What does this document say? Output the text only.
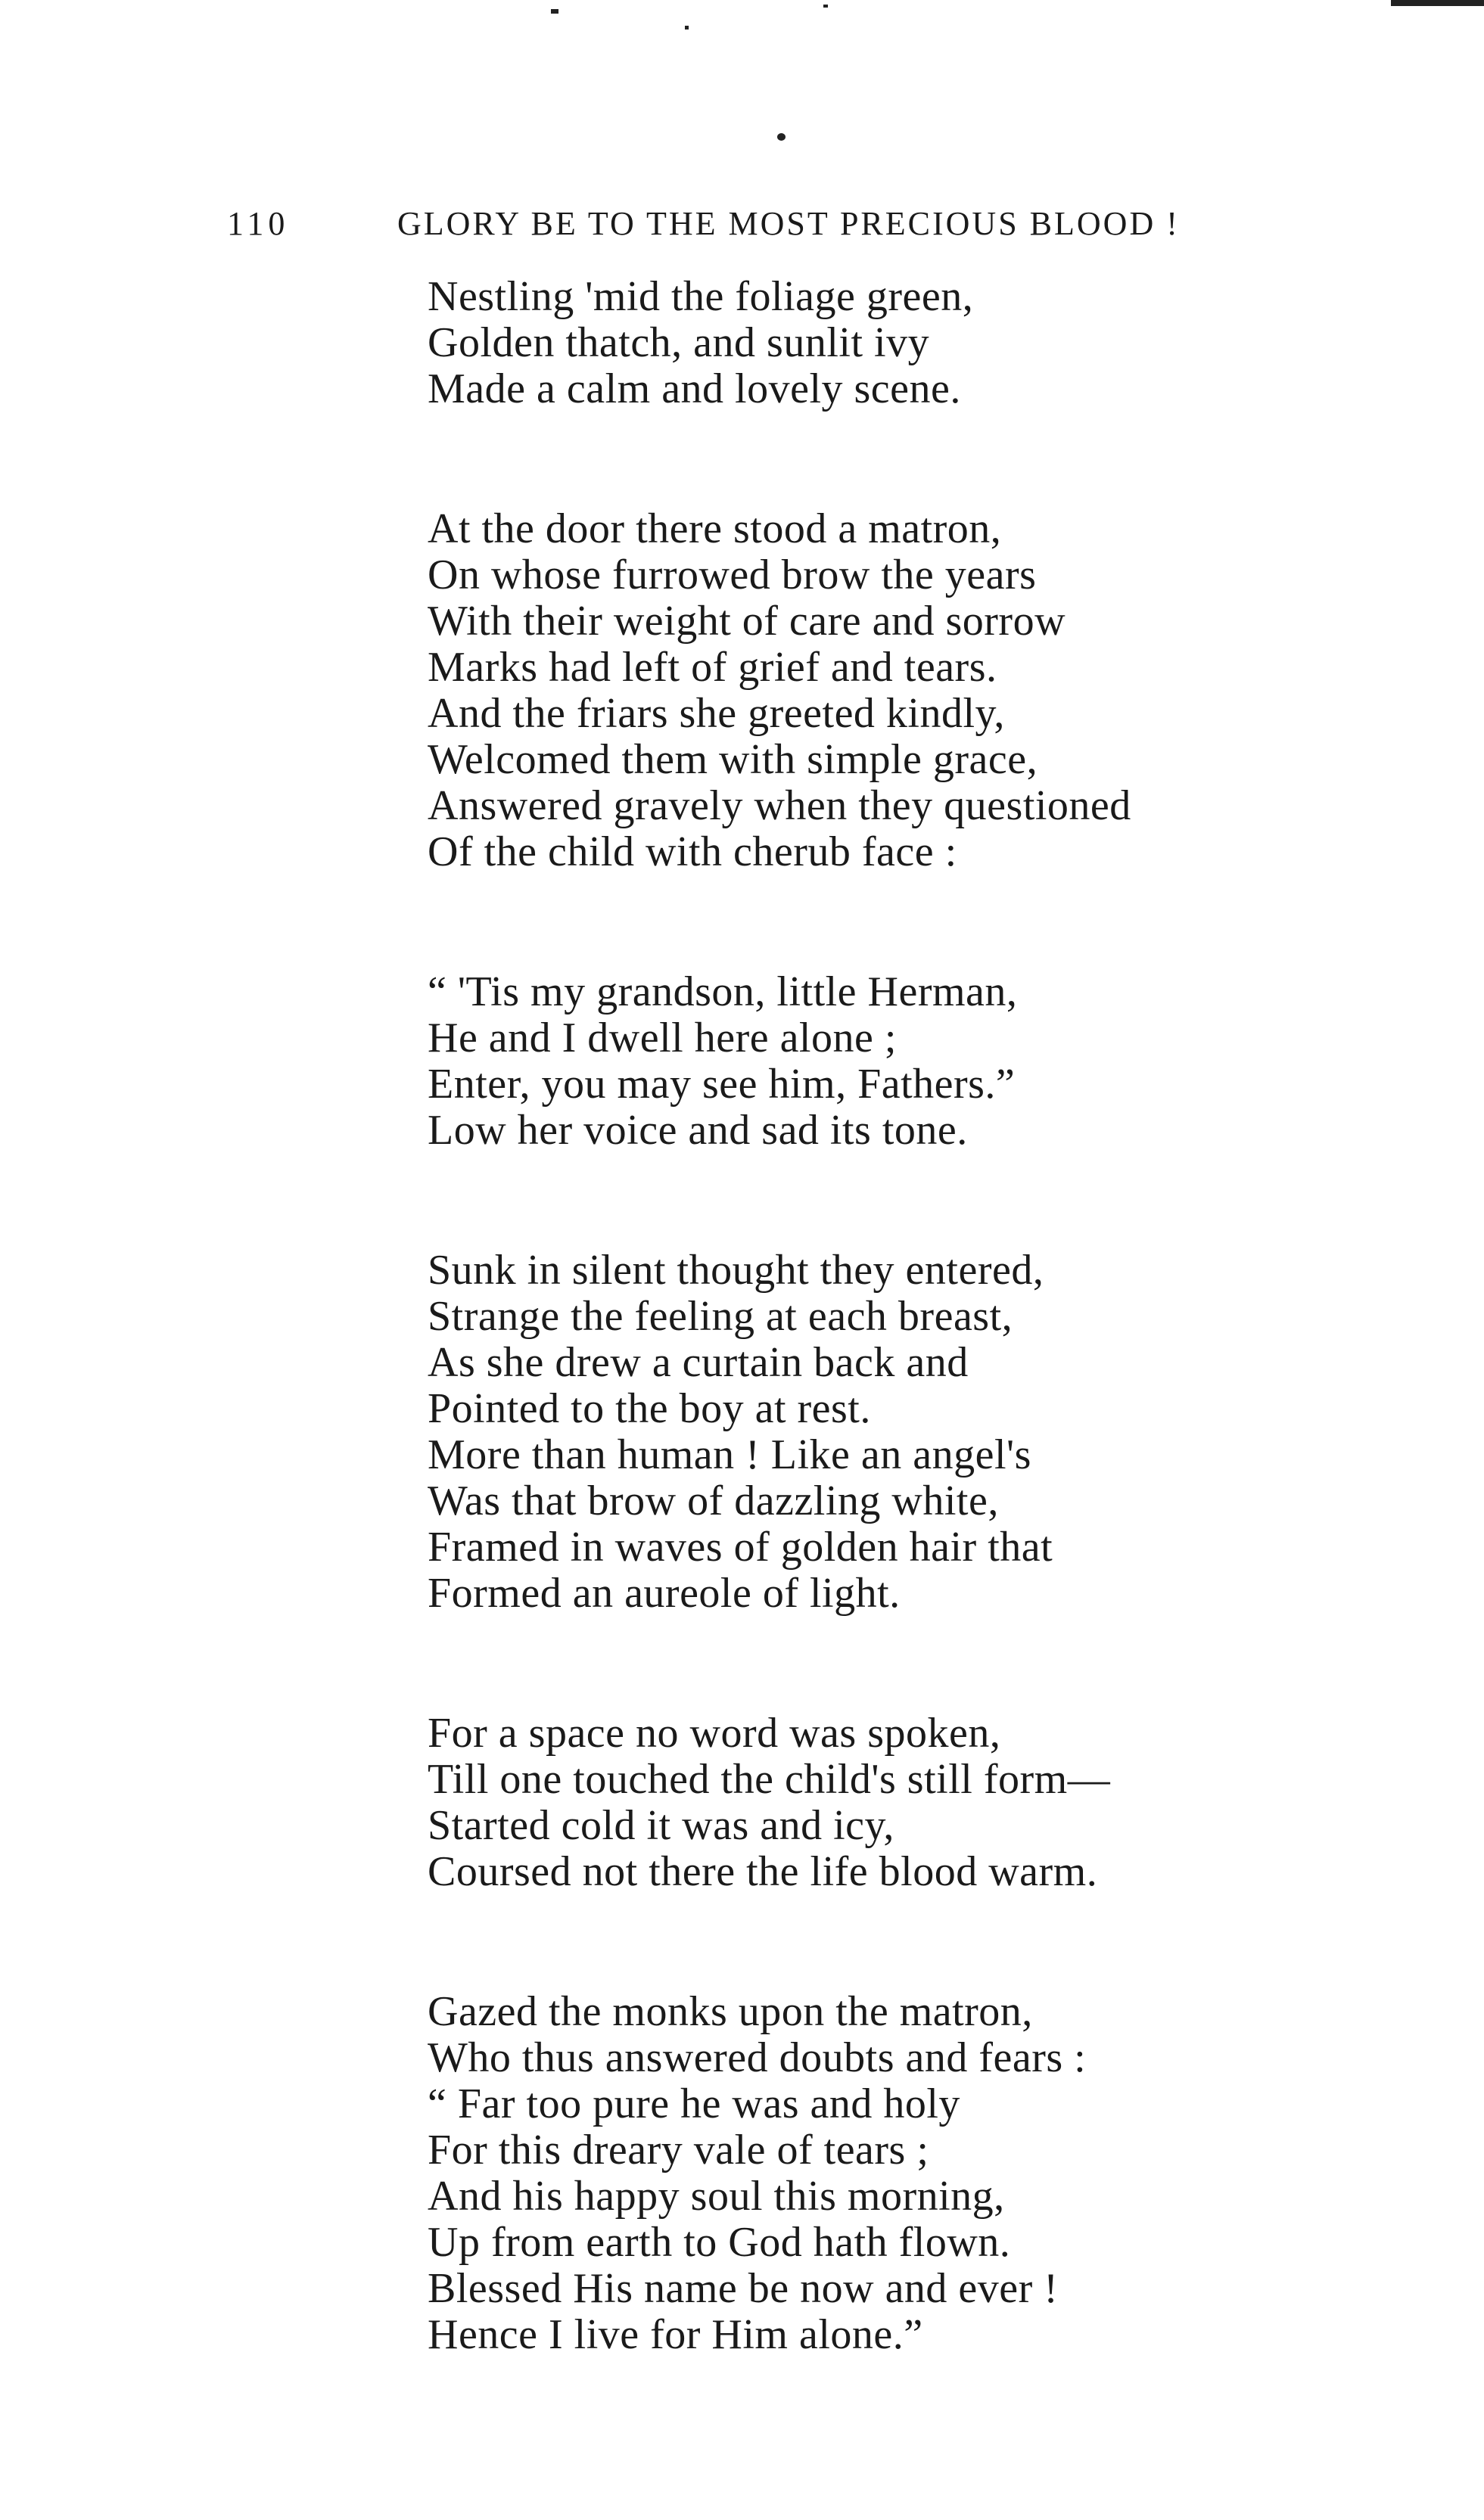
110	GLORY BE TO THE MOST PRECIOUS BLOOD !
Nestling 'mid the foliage green,
Golden thatch, and sunlit ivy
Made a calm and lovely scene.
At the door there stood a matron,
On whose furrowed brow the years
With their weight of care and sorrow
Marks had left of grief and tears.
And the friars she greeted kindly,
Welcomed them with simple grace,
Answered gravely when they questioned
Of the child with cherub face :
“ 'Tis my grandson, little Herman,
He and I dwell here alone ;
Enter, you may see him, Fathers.”
Low her voice and sad its tone.
Sunk in silent thought they entered,
Strange the feeling at each breast,
As she drew a curtain back and
Pointed to the boy at rest.
More than human ! Like an angel's
Was that brow of dazzling white,
Framed in waves of golden hair that
Formed an aureole of light.
For a space no word was spoken,
Till one touched the child's still form—
Started cold it was and icy,
Coursed not there the life blood warm.
Gazed the monks upon the matron,
Who thus answered doubts and fears :
“ Far too pure he was and holy
For this dreary vale of tears ;
And his happy soul this morning,
Up from earth to God hath flown.
Blessed His name be now and ever !
Hence I live for Him alone.”
